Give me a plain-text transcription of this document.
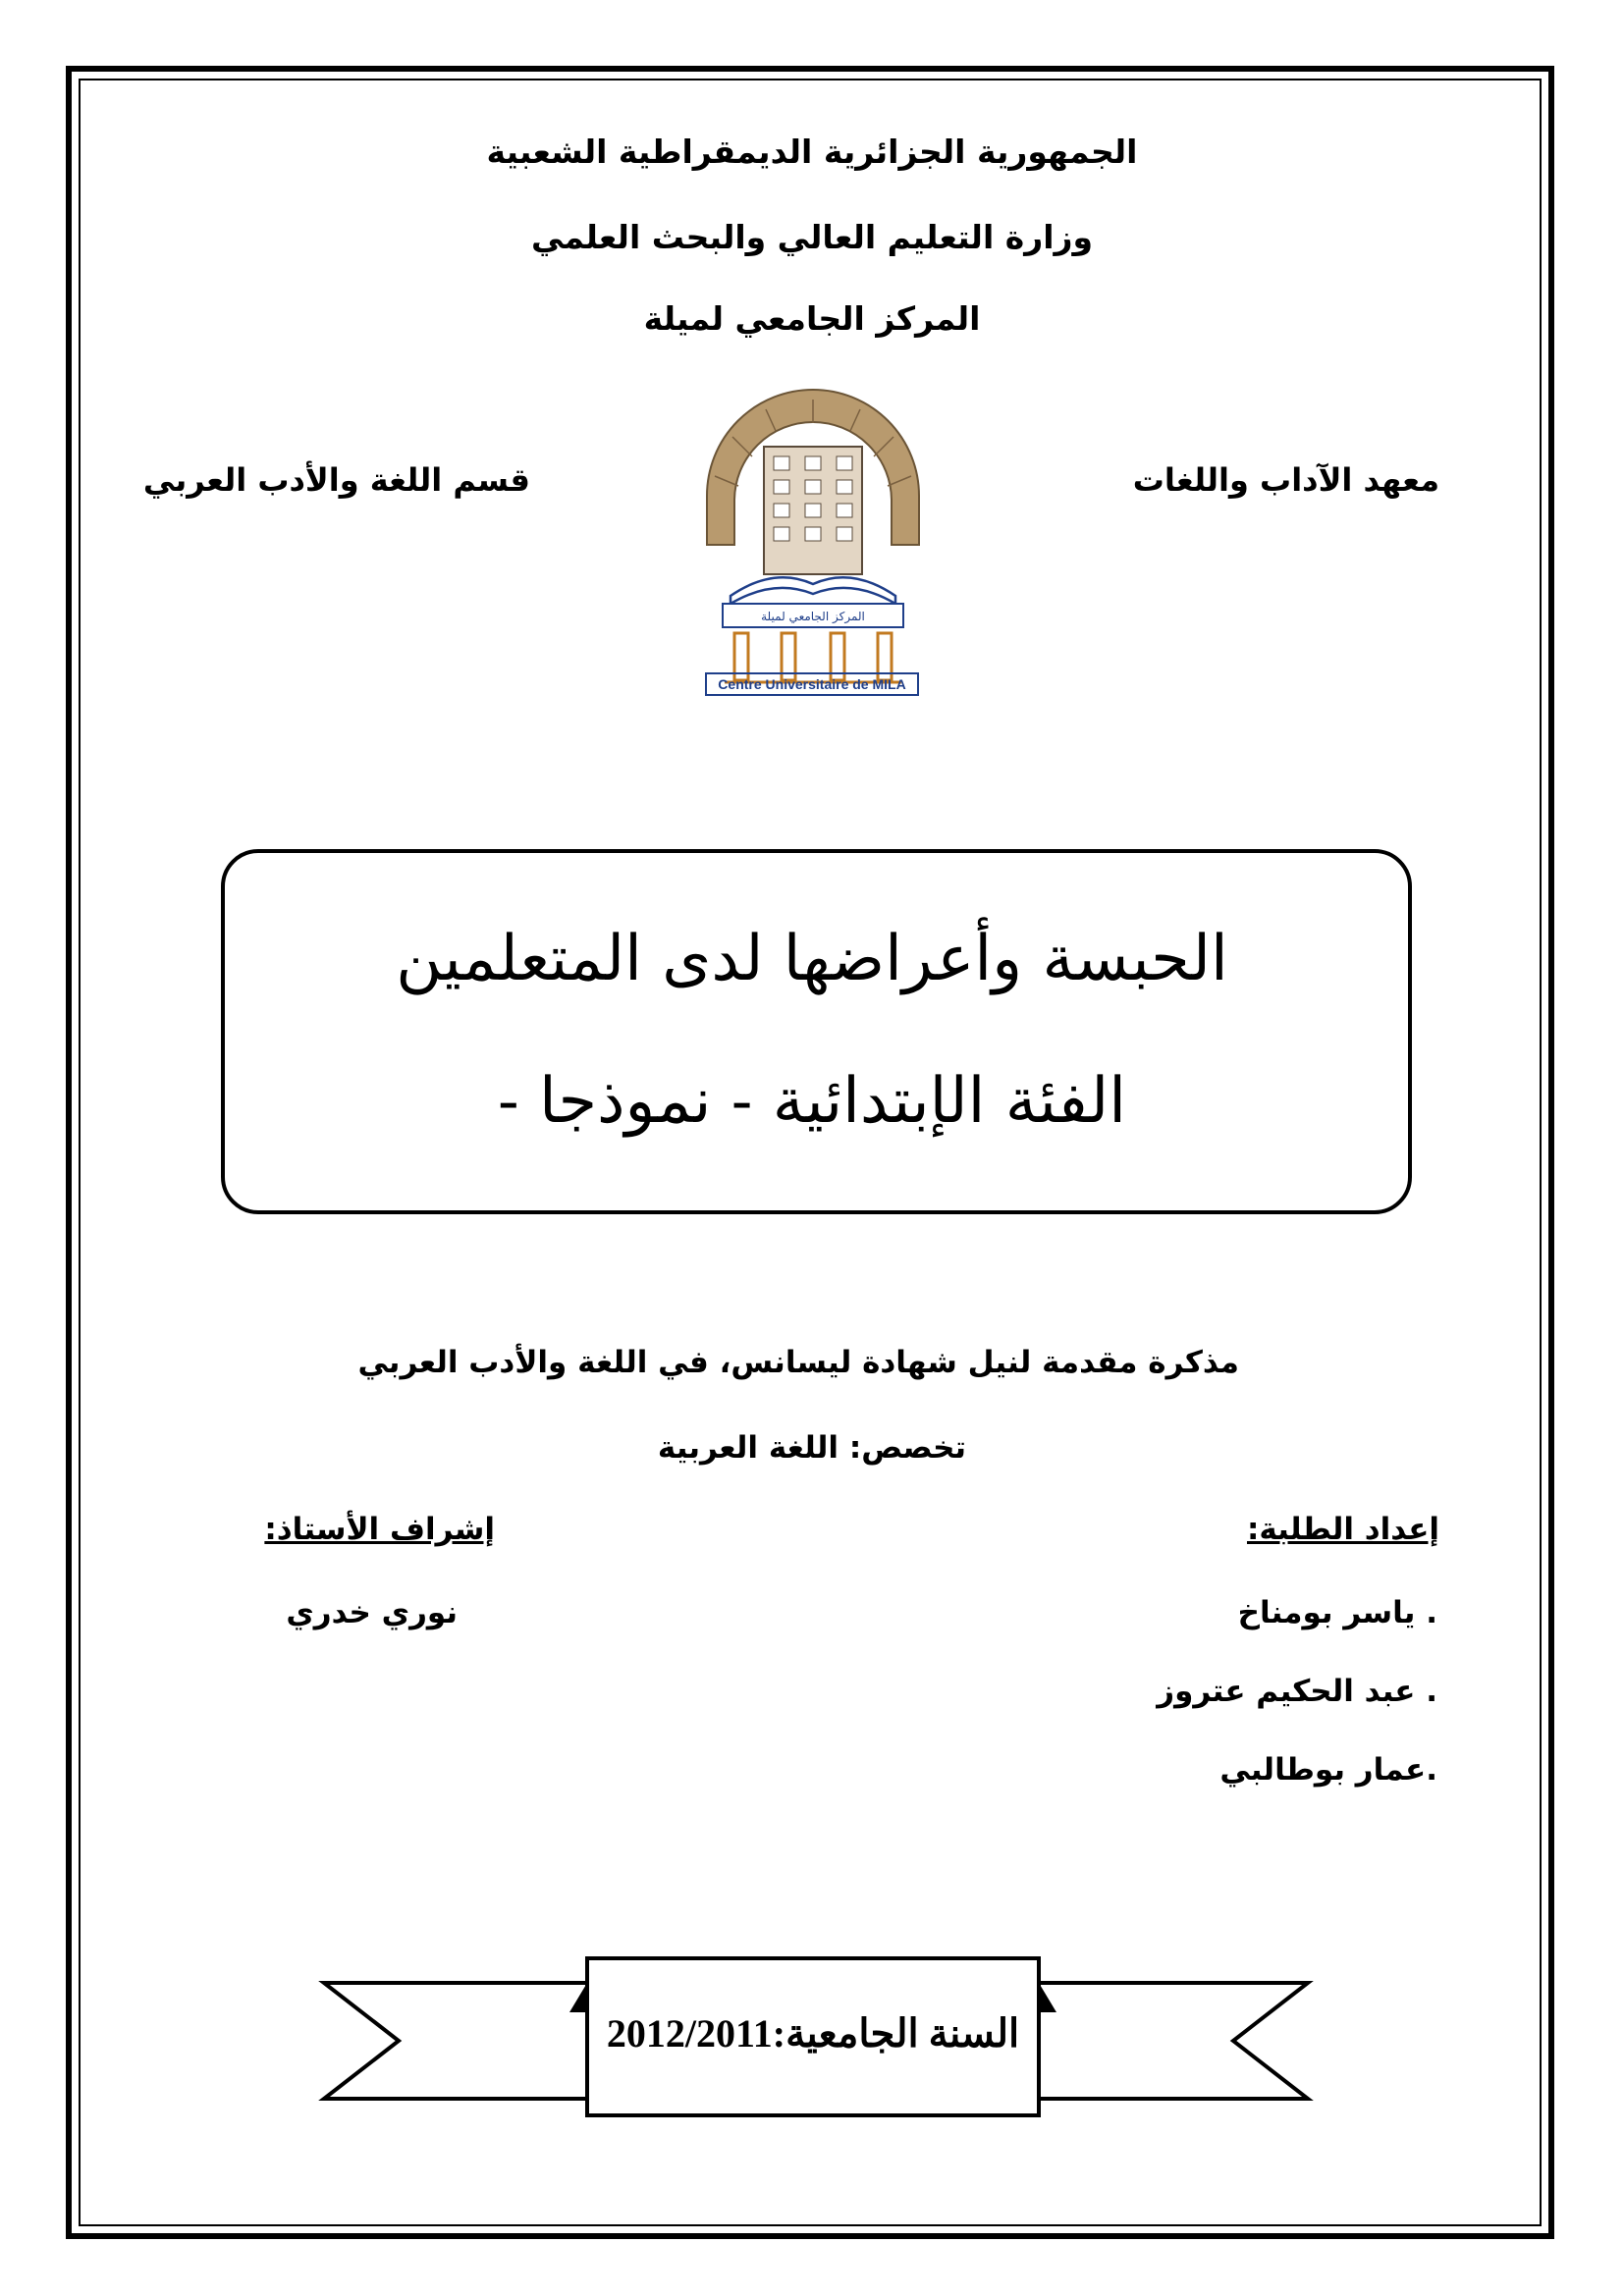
الجمهورية الجزائرية الديمقراطية الشعبية
وزارة التعليم العالي والبحث العلمي
المركز الجامعي لميلة
معهد الآداب واللغات
قسم اللغة والأدب العربي
المركز الجامعي لميلة
Centre Universitaire de MILA
الحبسة وأعراضها لدى المتعلمين
الفئة الإبتدائية - نموذجا -
مذكرة مقدمة لنيل شهادة ليسانس، في اللغة والأدب العربي
تخصص: اللغة العربية
إعداد الطلبة:
إشراف الأستاذ:
. ياسر بومناخ
نوري خدري
. عبد الحكيم عتروز
.عمار بوطالبي
السنة الجامعية:2012/2011
